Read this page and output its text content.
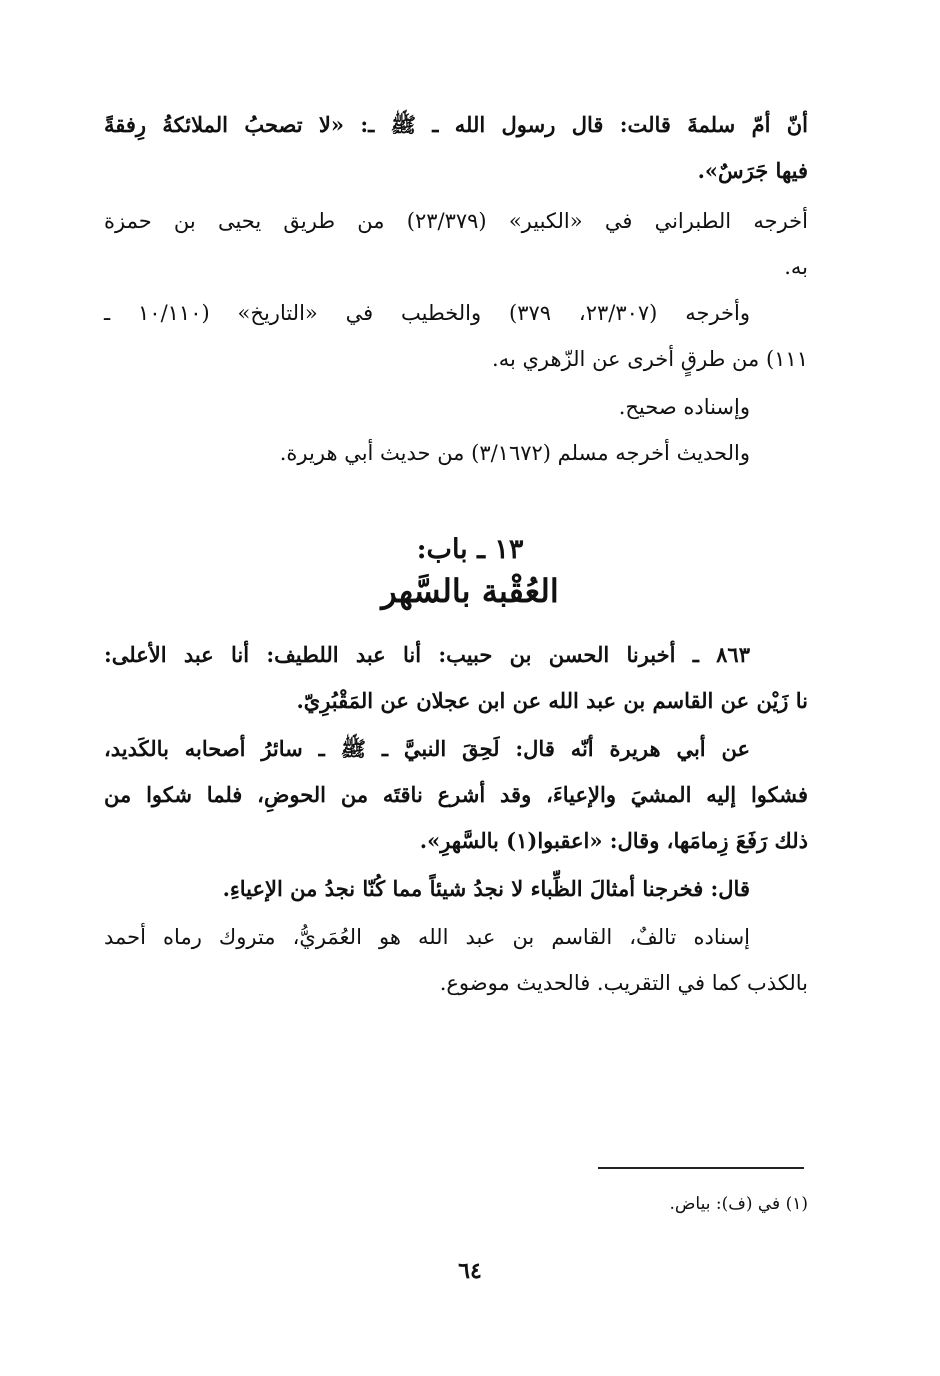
أنّ أمّ سلمةَ قالت: قال رسول الله ـ ﷺ ـ: «لا تصحبُ الملائكةُ رِفقةً
فيها جَرَسٌ».
أخرجه الطبراني في «الكبير» (٢٣/٣٧٩) من طريق يحيى بن حمزة
به.
وأخرجه (٢٣/٣٠٧، ٣٧٩) والخطيب في «التاريخ» (١٠/١١٠ ـ
١١١) من طرقٍ أخرى عن الزّهري به.
وإسناده صحيح.
والحديث أخرجه مسلم (٣/١٦٧٢) من حديث أبي هريرة.
١٣ ـ باب:
العُقْبة بالسَّهر
٨٦٣ ـ أخبرنا الحسن بن حبيب: أنا عبد اللطيف: أنا عبد الأعلى:
نا زَيْن عن القاسم بن عبد الله عن ابن عجلان عن المَقْبُرِيّ.
عن أبي هريرة أنّه قال: لَحِقَ النبيَّ ـ ﷺ ـ سائرُ أصحابه بالكَديد،
فشكوا إليه المشيَ والإعياءَ، وقد أشرع ناقتَه من الحوضِ، فلما شكوا من
ذلك رَفَعَ زِمامَها، وقال: «اعقبوا(١) بالسَّهرِ».
قال: فخرجنا أمثالَ الظِّباء لا نجدُ شيئاً مما كُنّا نجدُ من الإعياءِ.
إسناده تالفٌ، القاسم بن عبد الله هو العُمَريُّ، متروك رماه أحمد
بالكذب كما في التقريب. فالحديث موضوع.
(١) في (ف): بياض.
٦٤
